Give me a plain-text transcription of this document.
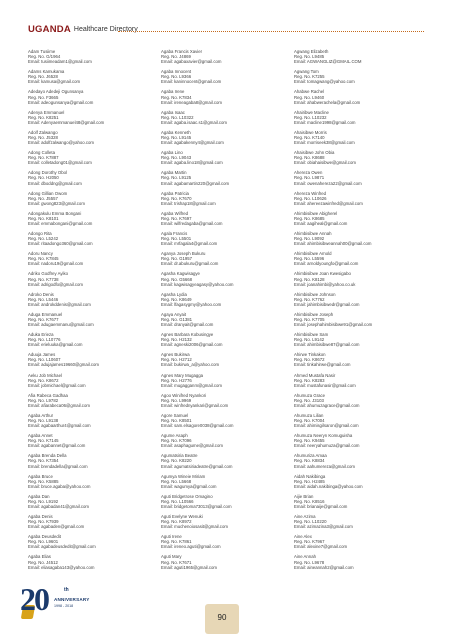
UGANDA Healthcare Directory
Adam Tusiime
Reg. No. G/1964
Email: tusiimeadam1@gmail.com
Adams Kamukama
Reg. No. J6528
Email: kamusa@gmail.com
Adedayo Adedeji Ogunsanya
Reg. No. F3665
Email: adeogunsanya@gmail.com
Adenya Emmanuel
Reg. No. K8251
Email: Adenyaemmanuel48@gmail.com
Adolf Zalwango
Reg. No. J5328
Email: adolfzalwango@yahoo.com
Adong Colleta
Reg. No. K7887
Email: colletadong01@gmail.com
Adong Dorothy Obol
Reg. No. H2050
Email: dboddng@gmail.com
Adong Gillian Owom
Reg. No. J5557
Email: gwong823@gmail.com
Adongakulu Emma Bongani
Reg. No. K8101
Email: emmabongani@gmail.com
Adongo Rita
Reg. No. L5242
Email: ritaadongo360@gmail.com
Adoru Nancy
Reg. No. K7845
Email: nadoru19@gmail.com
Adriko Godfrey Ayiko
Reg. No. K7738
Email: adrigodfo@gmail.com
Adroko Denis
Reg. No. L5446
Email: androkddenis@gmail.com
Aduga Emmanuel
Reg. No. K7677
Email: adugaemmanu@gmail.com
Aduka Erieza
Reg. No. L10776
Email: erieluuka@gmail.com
Aduuja James
Reg. No. L10607
Email: adujajames19660@gmail.com
Aeku Job Michael
Reg. No. K8672
Email: jobmichael@gmail.com
Afia Rabeca Gadhaa
Reg. No. L9782
Email: afiarabeca06@gmail.com
Agaba Arthur
Reg. No. L9138
Email: agabaarthur4@gmail.com
Agaba Annet
Reg. No. K7145
Email: agabannet@gmail.com
Agaba Brenda Della
Reg. No. K7354
Email: brendadella@gmail.com
Agaba Bruce
Reg. No. K5885
Email: bruce.agaba@yahoo.com
Agaba Dan
Reg. No. L9192
Email: agabadan41@gmail.com
Agaba Denis
Reg. No. K7939
Email: agabaden@gmail.com
Agaba Deusdedit
Reg. No. L9601
Email: agabadeusdedit@gmail.com
Agaba Elias
Reg. No. J4512
Email: eliasagaba143@yahoo.com
Agaba Francis Xavier
Reg. No. J4869
Email: agabaxavier@gmail.com
Agaba Innocent
Reg. No. L9366
Email: kaninnocent@gmail.com
Agaba Irene
Reg. No. K7834
Email: ireneagaba8@gmail.com
Agaba Isaac
Reg. No. L10322
Email: agaba.isaac.s1@gmail.com
Agaba Kenneth
Reg. No. L9145
Email: agabakenny4@gmail.com
Agaba Lino
Reg. No. L9043
Email: agaba.lino18@gmail.com
Agaba Martin
Reg. No. L9125
Email: agabamartin220@gmail.com
Agaba Patricia
Reg. No. K7670
Email: trishap18@gmail.com
Agaba Wilfred
Reg. No. K7697
Email: wilfredagaba@gmail.com
Agala Francis
Reg. No. L5501
Email: mrfagala4@gmail.com
Aganya Joseph Bukuru
Reg. No. G1957
Email: dr.abukuru@gmail.com
Agasha Kagwisagye
Reg. No. G5668
Email: kagwisagyeagasy@yahoo.com
Agasha Lydia
Reg. No. K8649
Email: lfagasygmy@yahoo.com
Agaya Anyait
Reg. No. G1381
Email: dranyait@gmail.com
Agnes Barbara Kobusingye
Reg. No. H2132
Email: agneski2006@gmail.com
Agnes Bukirwa
Reg. No. H2712
Email: bukirwa_a@yahoo.com
Agnes Mary Mugagga
Reg. No. H2776
Email: mugagganm@gmail.com
Agoo Winifred Nyankori
Reg. No. L9969
Email: winfrednyankari@gmail.com
Agore Samuel
Reg. No. K8501
Email: sam.elsagore0038@gmail.com
Agume Asaph
Reg. No. K7096
Email: asaphagume@gmail.com
Agumatsiria Beatre
Reg. No. K8220
Email: agumatsiriadeatre@gmail.com
Agumya Wineie Miriam
Reg. No. L5668
Email: wagumya@gmail.com
Aguti Bridgetrose Omagino
Reg. No. L10566
Email: bridgetoma73013@gmail.com
Aguti Evelyne Wenuki
Reg. No. K8972
Email: muchenoiosasit@gmail.com
Aguti Irene
Reg. No. K7861
Email: ireneo.aguti@gmail.com
Aguti Mary
Reg. No. K7671
Email: aguti1965@gmail.com
Agwang Elizabeth
Reg. No. L9485
Email: AGWANGLIZ@GMAIL.COM
Agwang Tom
Reg. No. K7255
Email: tomagwang@yahoo.com
Ahabwe Rachel
Reg. No. L9460
Email: ahabwerachela@gmail.com
Ahairibwe Macline
Reg. No. L10232
Email: macline1998@gmail.com
Ahaisibwe Morris
Reg. No. K7140
Email: morriseek38@gmail.com
Ahaisibwe John Obia
Reg. No. K8688
Email: obiahaisibwe@gmail.com
Ahereza Owen
Reg. No. L9871
Email: owenahereza22@gmail.com
Ahereza Winfred
Reg. No. L10626
Email: ahereezawinfred@gmail.com
Ahimbisibwe Abigherel
Reg. No. K8685
Email: aagiheal@gmail.com
Ahimbisibwe Annah
Reg. No. L9092
Email: ahimbisibweannah00@gmail.com
Ahimbisibwe Arnold
Reg. No. L5596
Email: arnoldyoungfo@gmail.com
Ahimbisibwe Joan Kwesigabo
Reg. No. K8128
Email: joanahimbi@yahoo.co.uk
Ahimbisibwe Johnson
Reg. No. K7762
Email: jahimbisibwedr@gmail.com
Ahimbisibwe Joseph
Reg. No. K7705
Email: josephahimbisibwe91@gmail.com
Ahimbisibwe Sam
Reg. No. L9142
Email: ahimbisibwe87@gmail.com
Ahirwe Tinkakon
Reg. No. K8672
Email: tinkahirwe@gmail.com
Ahmed Mustafa Nasir
Reg. No. K8283
Email: mustafunasir@gmail.com
Ahumuza Grace
Reg. No. J3103
Email: ahumuzagrace@gmail.com
Ahumuza Lilian
Reg. No. K7004
Email: ahimisgilsaron@gmail.com
Ahumuza Neeryn Komuguisha
Reg. No. K9455
Email: neeryahumuza@gmail.com
Ahumuriza Amaa
Reg. No. K8834
Email: aahumereza@gmail.com
Aidah Nakibinga
Reg. No. H2485
Email: aidah.nakibinga@yahoo.com
Aijie Brian
Reg. No. K8516
Email: brianaije@gmail.com
Aine Azima
Reg. No. L10220
Email: azimazina3@gmail.com
Aine Alex
Reg. No. K7967
Email: alexine7@gmail.com
Aine Annah
Reg. No. L9678
Email: aineannah2@gmail.com
20	th
ANNIVERSARY
1998 - 2018
90
